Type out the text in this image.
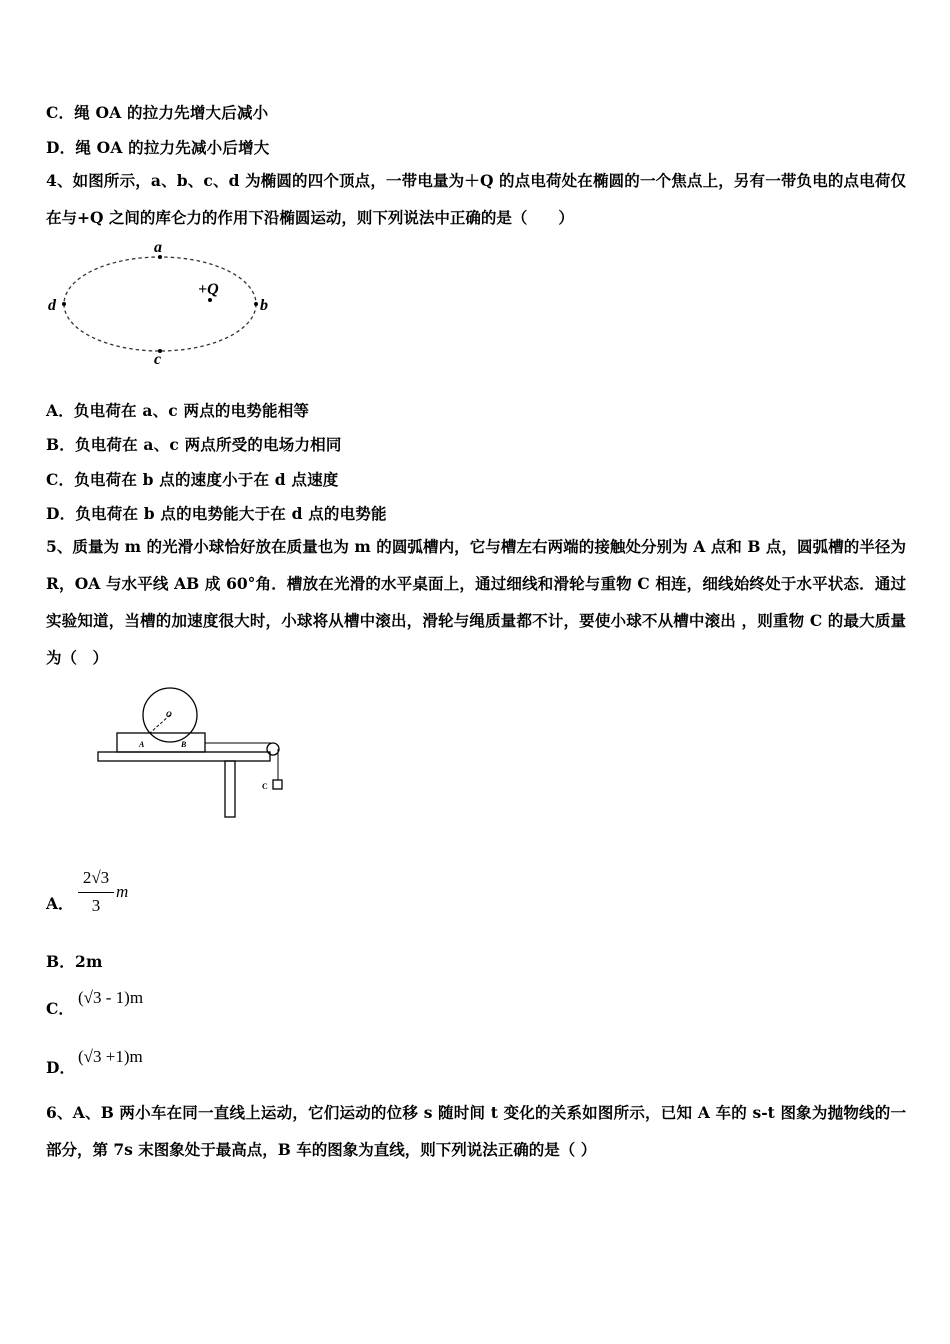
C．绳 OA 的拉力先增大后减小
D．绳 OA 的拉力先减小后增大
4、如图所示，a、b、c、d 为椭圆的四个顶点，一带电量为＋Q 的点电荷处在椭圆的一个焦点上，另有一带负电的点电荷仅在与+Q 之间的库仑力的作用下沿椭圆运动，则下列说法中正确的是（　　）
a
b
c
d
+Q
A．负电荷在 a、c 两点的电势能相等
B．负电荷在 a、c 两点所受的电场力相同
C．负电荷在 b 点的速度小于在 d 点速度
D．负电荷在 b 点的电势能大于在 d 点的电势能
5、质量为 m 的光滑小球恰好放在质量也为 m 的圆弧槽内，它与槽左右两端的接触处分别为 A 点和 B 点，圆弧槽的半径为 R，OA 与水平线 AB 成 60°角．槽放在光滑的水平桌面上，通过细线和滑轮与重物 C 相连，细线始终处于水平状态．通过实验知道，当槽的加速度很大时，小球将从槽中滚出，滑轮与绳质量都不计，要使小球不从槽中滚出 ，则重物 C 的最大质量为（　）
O
A	B
C
A．
2√3
3
m
B．2m
C．
(√3 - 1)m
D．
(√3 +1)m
6、A、B 两小车在同一直线上运动，它们运动的位移 s 随时间 t 变化的关系如图所示，已知 A 车的 s-t 图象为抛物线的一部分，第 7s 末图象处于最高点，B 车的图象为直线，则下列说法正确的是（ ）
